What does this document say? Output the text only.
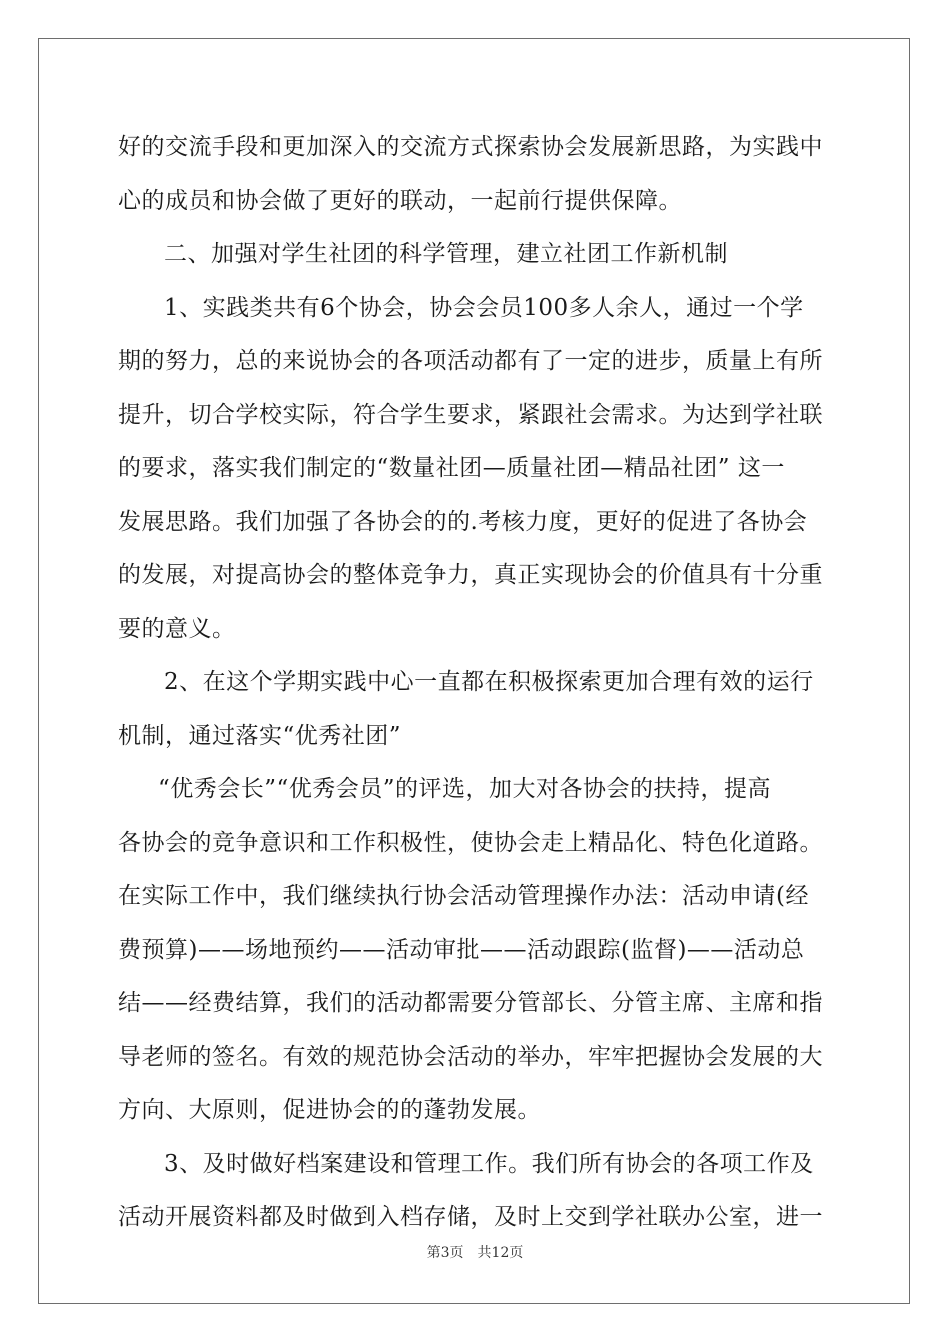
好的交流手段和更加深入的交流方式探索协会发展新思路，为实践中
心的成员和协会做了更好的联动，一起前行提供保障。
二、加强对学生社团的科学管理，建立社团工作新机制
1、实践类共有6个协会，协会会员100多人余人，通过一个学
期的努力，总的来说协会的各项活动都有了一定的进步，质量上有所
提升，切合学校实际，符合学生要求，紧跟社会需求。为达到学社联
的要求，落实我们制定的“数量社团—质量社团—精品社团” 这一
发展思路。我们加强了各协会的的.考核力度，更好的促进了各协会
的发展，对提高协会的整体竞争力，真正实现协会的价值具有十分重
要的意义。
2、在这个学期实践中心一直都在积极探索更加合理有效的运行
机制，通过落实“优秀社团”
“优秀会长”“优秀会员”的评选，加大对各协会的扶持，提高
各协会的竞争意识和工作积极性，使协会走上精品化、特色化道路。
在实际工作中，我们继续执行协会活动管理操作办法：活动申请(经
费预算)——场地预约——活动审批——活动跟踪(监督)——活动总
结——经费结算，我们的活动都需要分管部长、分管主席、主席和指
导老师的签名。有效的规范协会活动的举办，牢牢把握协会发展的大
方向、大原则，促进协会的的蓬勃发展。
3、及时做好档案建设和管理工作。我们所有协会的各项工作及
活动开展资料都及时做到入档存储，及时上交到学社联办公室，进一
第3页 共12页
